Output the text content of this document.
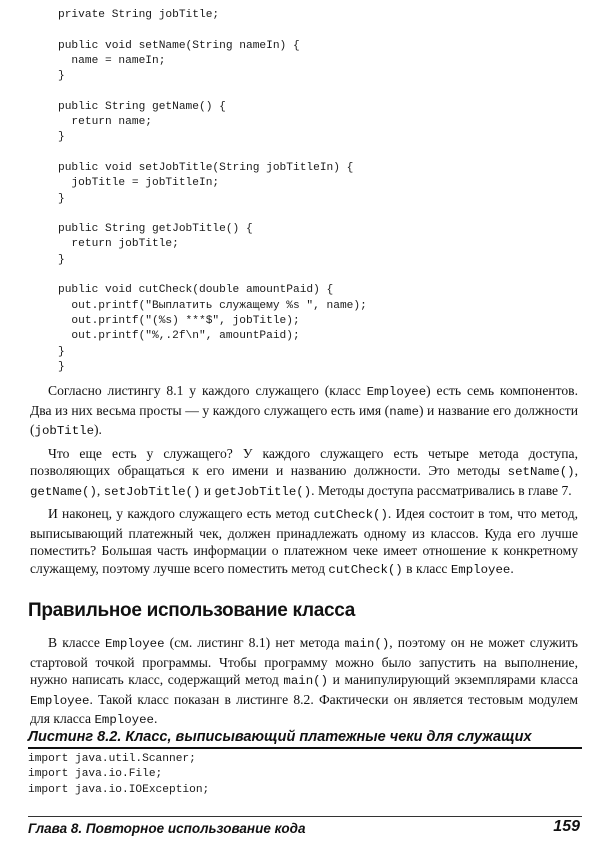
private String jobTitle;

public void setName(String nameIn) {
name = nameIn;
}

public String getName() {
return name;
}

public void setJobTitle(String jobTitleIn) {
jobTitle = jobTitleIn;
}

public String getJobTitle() {
return jobTitle;
}

public void cutCheck(double amountPaid) {
out.printf("Выплатить служащему %s ", name);
out.printf("(%s) ***$", jobTitle);
out.printf("%,.2f\n", amountPaid);
}
}

Согласно листингу 8.1 у каждого служащего (класс Employee) есть семь компонентов. Два из них весьма просты — у каждого служащего есть имя (name) и название его должности (jobTitle).

Что еще есть у служащего? У каждого служащего есть четыре метода доступа, позволяющих обращаться к его имени и названию должности. Это методы setName(), getName(), setJobTitle() и getJobTitle(). Методы доступа рассматривались в главе 7.

И наконец, у каждого служащего есть метод cutCheck(). Идея состоит в том, что метод, выписывающий платежный чек, должен принадлежать одному из классов. Куда его лучше поместить? Большая часть информации о платежном чеке имеет отношение к конкретному служащему, поэтому лучше всего поместить метод cutCheck() в класс Employee.

Правильное использование класса

В классе Employee (см. листинг 8.1) нет метода main(), поэтому он не может служить стартовой точкой программы. Чтобы программу можно было запустить на выполнение, нужно написать класс, содержащий метод main() и манипулирующий экземплярами класса Employee. Такой класс показан в листинге 8.2. Фактически он является тестовым модулем для класса Employee.

Листинг 8.2. Класс, выписывающий платежные чеки для служащих
import java.util.Scanner;
import java.io.File;
import java.io.IOException;
Глава 8. Повторное использование кода	159
